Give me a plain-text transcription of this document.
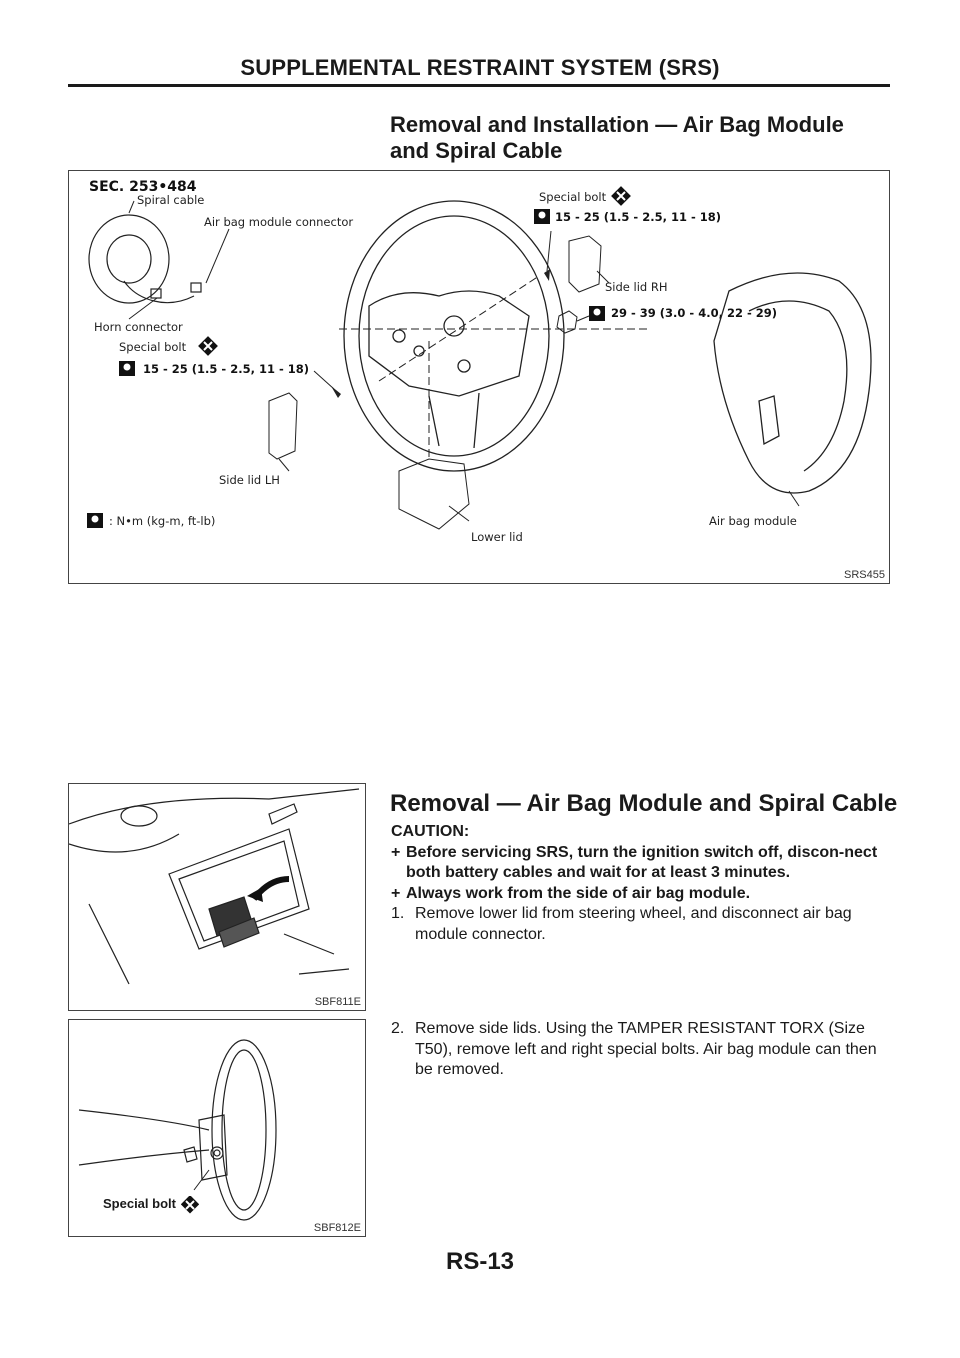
SUPPLEMENTAL RESTRAINT SYSTEM (SRS)
Removal and Installation — Air Bag Module
and Spiral Cable
SEC. 253•484
Spiral cable
Air bag module connector
Horn connector
Special bolt
15 - 25 (1.5 - 2.5, 11 - 18)
Side lid LH
Special bolt
15 - 25 (1.5 - 2.5, 11 - 18)
Side lid RH
29 - 39 (3.0 - 4.0, 22 - 29)
Lower lid
: N•m (kg-m, ft-lb)	Air bag module
SRS455
Removal — Air Bag Module and Spiral Cable
CAUTION:
+ Before servicing SRS, turn the ignition switch off, discon-nect both battery cables and wait for at least 3 minutes.
+ Always work from the side of air bag module.
1. Remove lower lid from steering wheel, and disconnect air bag module connector.
2. Remove side lids. Using the TAMPER RESISTANT TORX (Size T50), remove left and right special bolts. Air bag module can then be removed.
SBF811E
Special bolt
SBF812E
RS-13
